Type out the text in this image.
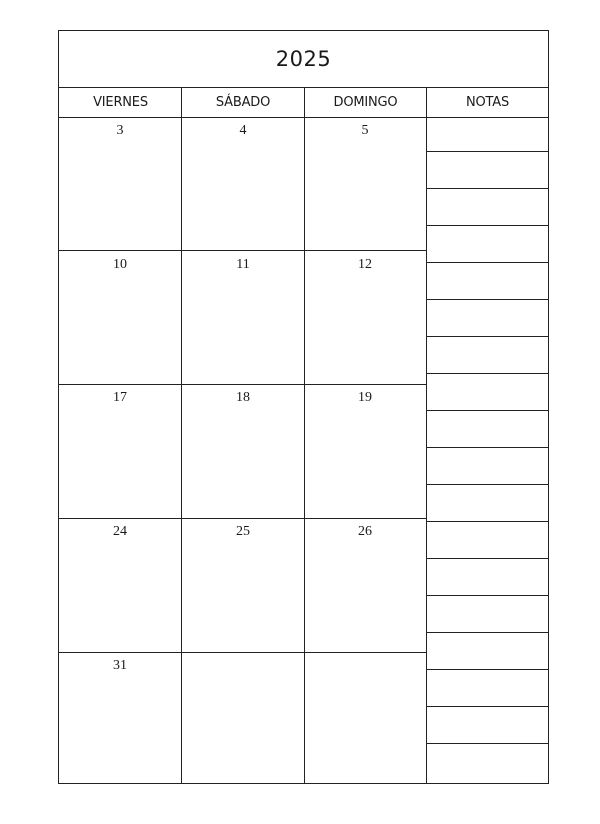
2025
VIERNES	SÁBADO	DOMINGO	NOTAS
3	4	5
10	11	12
17	18	19
24	25	26
31
